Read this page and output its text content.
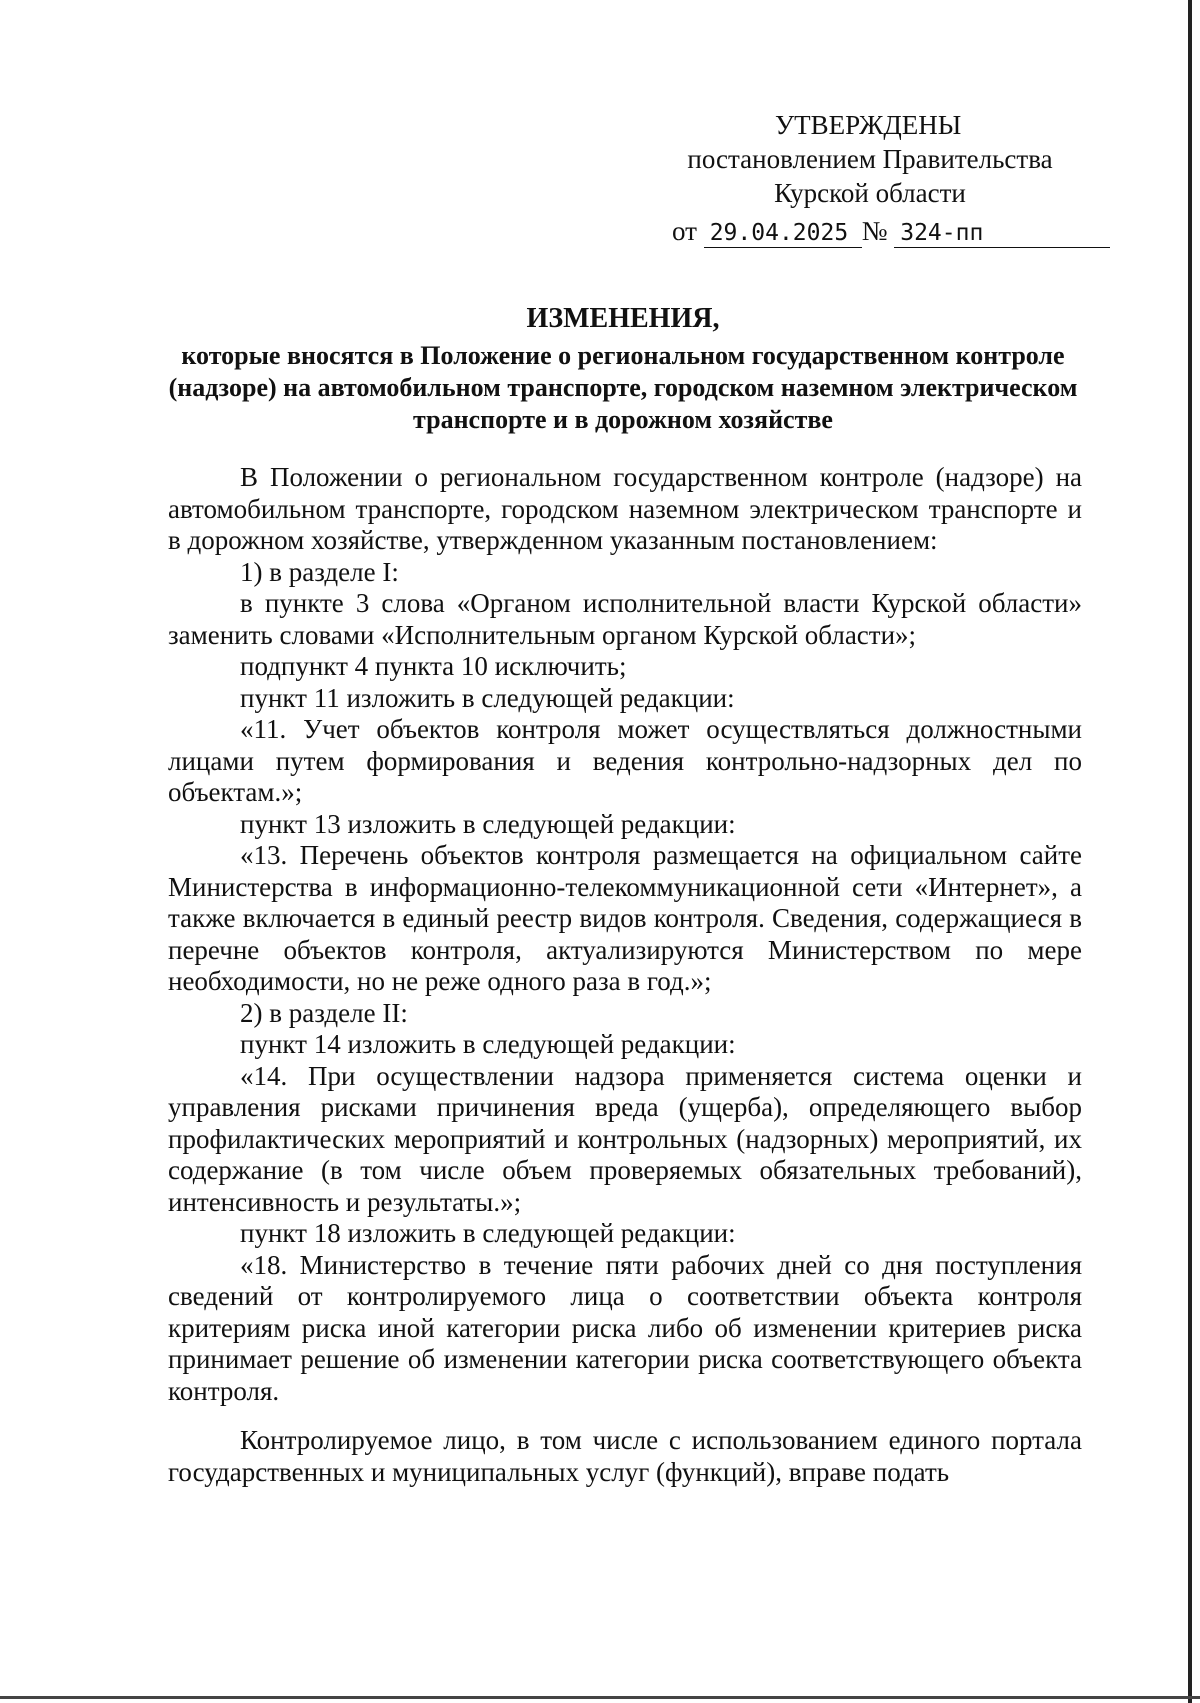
УТВЕРЖДЕНЫ
постановлением Правительства
Курской области
от 29.04.2025 № 324-пп
ИЗМЕНЕНИЯ,
которые вносятся в Положение о региональном государственном контроле (надзоре) на автомобильном транспорте, городском наземном электрическом транспорте и в дорожном хозяйстве

В Положении о региональном государственном контроле (надзоре) на автомобильном транспорте, городском наземном электрическом транспорте и в дорожном хозяйстве, утвержденном указанным постановлением:

1) в разделе I:

в пункте 3 слова «Органом исполнительной власти Курской области» заменить словами «Исполнительным органом Курской области»;

подпункт 4 пункта 10 исключить;

пункт 11 изложить в следующей редакции:

«11. Учет объектов контроля может осуществляться должностными лицами путем формирования и ведения контрольно-надзорных дел по объектам.»;

пункт 13 изложить в следующей редакции:

«13. Перечень объектов контроля размещается на официальном сайте Министерства в информационно-телекоммуникационной сети «Интернет», а также включается в единый реестр видов контроля. Сведения, содержащиеся в перечне объектов контроля, актуализируются Министерством по мере необходимости, но не реже одного раза в год.»;

2) в разделе II:

пункт 14 изложить в следующей редакции:

«14. При осуществлении надзора применяется система оценки и управления рисками причинения вреда (ущерба), определяющего выбор профилактических мероприятий и контрольных (надзорных) мероприятий, их содержание (в том числе объем проверяемых обязательных требований), интенсивность и результаты.»;

пункт 18 изложить в следующей редакции:

«18. Министерство в течение пяти рабочих дней со дня поступления сведений от контролируемого лица о соответствии объекта контроля критериям риска иной категории риска либо об изменении критериев риска принимает решение об изменении категории риска соответствующего объекта контроля.

Контролируемое лицо, в том числе с использованием единого портала государственных и муниципальных услуг (функций), вправе подать
